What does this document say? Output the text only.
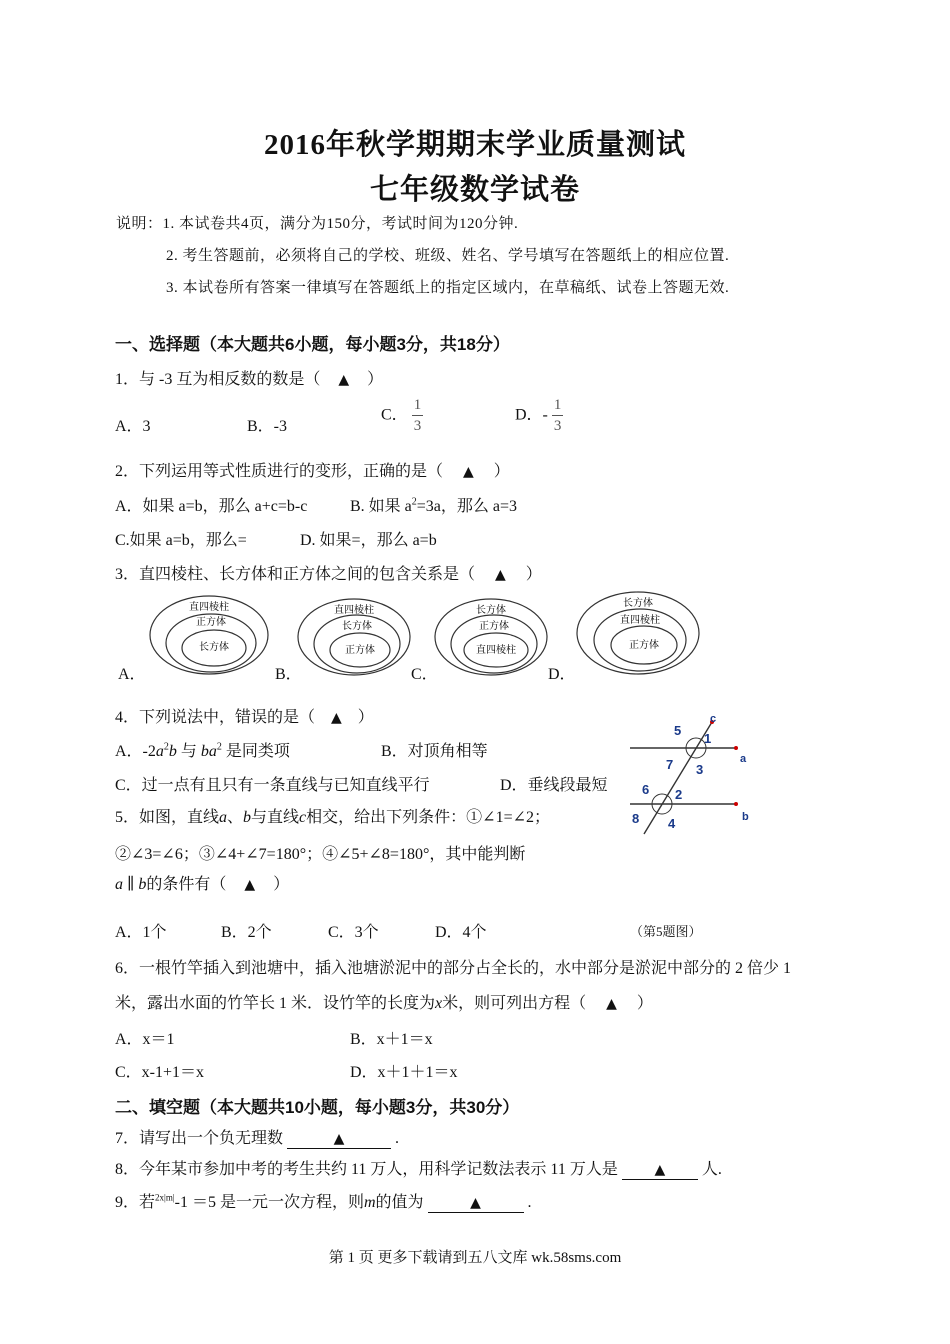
2016年秋学期期末学业质量测试
七年级数学试卷
说明：1. 本试卷共4页，满分为150分，考试时间为120分钟.
2. 考生答题前，必须将自己的学校、班级、姓名、学号填写在答题纸上的相应位置.
3. 本试卷所有答案一律填写在答题纸上的指定区域内，在草稿纸、试卷上答题无效.
一、选择题（本大题共6小题，每小题3分，共18分）
1．与 -3 互为相反数的数是（ ▲ ）
A．3	B．-3
C． $\frac{1}{3}$	D．- $\frac{1}{3}$
2．下列运用等式性质进行的变形，正确的是（ ▲ ）
A．如果 a=b，那么 a+c=b-c	B. 如果 $a^2=3a$，那么 a=3
C.如果 a=b，那么=	D. 如果=，那么 a=b
3．直四棱柱、长方体和正方体之间的包含关系是（ ▲ ）
直四棱柱
正方体
长方体
A．
直四棱柱
长方体
正方体
B．
长方体
正方体
直四棱柱
C．
长方体
直四棱柱
正方体
D．
4．下列说法中，错误的是（ ▲ ）
A．$-2a^2b$ 与 $ba^2$ 是同类项	B．对顶角相等
C．过一点有且只有一条直线与已知直线平行	D．垂线段最短
5．如图，直线a、b与直线c相交，给出下列条件：①∠1=∠2；
②∠3=∠6；③∠4+∠7=180°；④∠5+∠8=180°，其中能判断
a ∥ b的条件有（ ▲ ）
A．1个	B．2个	C．3个	D．4个	（第5题图）
5
1
c
7 3
a
6 2
8 4	b
6．一根竹竿插入到池塘中，插入池塘淤泥中的部分占全长的，水中部分是淤泥中部分的 2 倍少 1
米，露出水面的竹竿长 1 米．设竹竿的长度为x米，则可列出方程（ ▲ ）
A．x＝1	B．x＋1＝x
C．x-1+1＝x	D．x＋1＋1＝x
二、填空题（本大题共10小题，每小题3分，共30分）
7．请写出一个负无理数	▲	.
8．今年某市参加中考的考生共约 11 万人，用科学记数法表示 11 万人是	▲ 人.
9．若$^{2x|m|}$-1 ＝5 是一元一次方程，则m的值为	▲	.
第 1 页 更多下载请到五八文库 wk.58sms.com
